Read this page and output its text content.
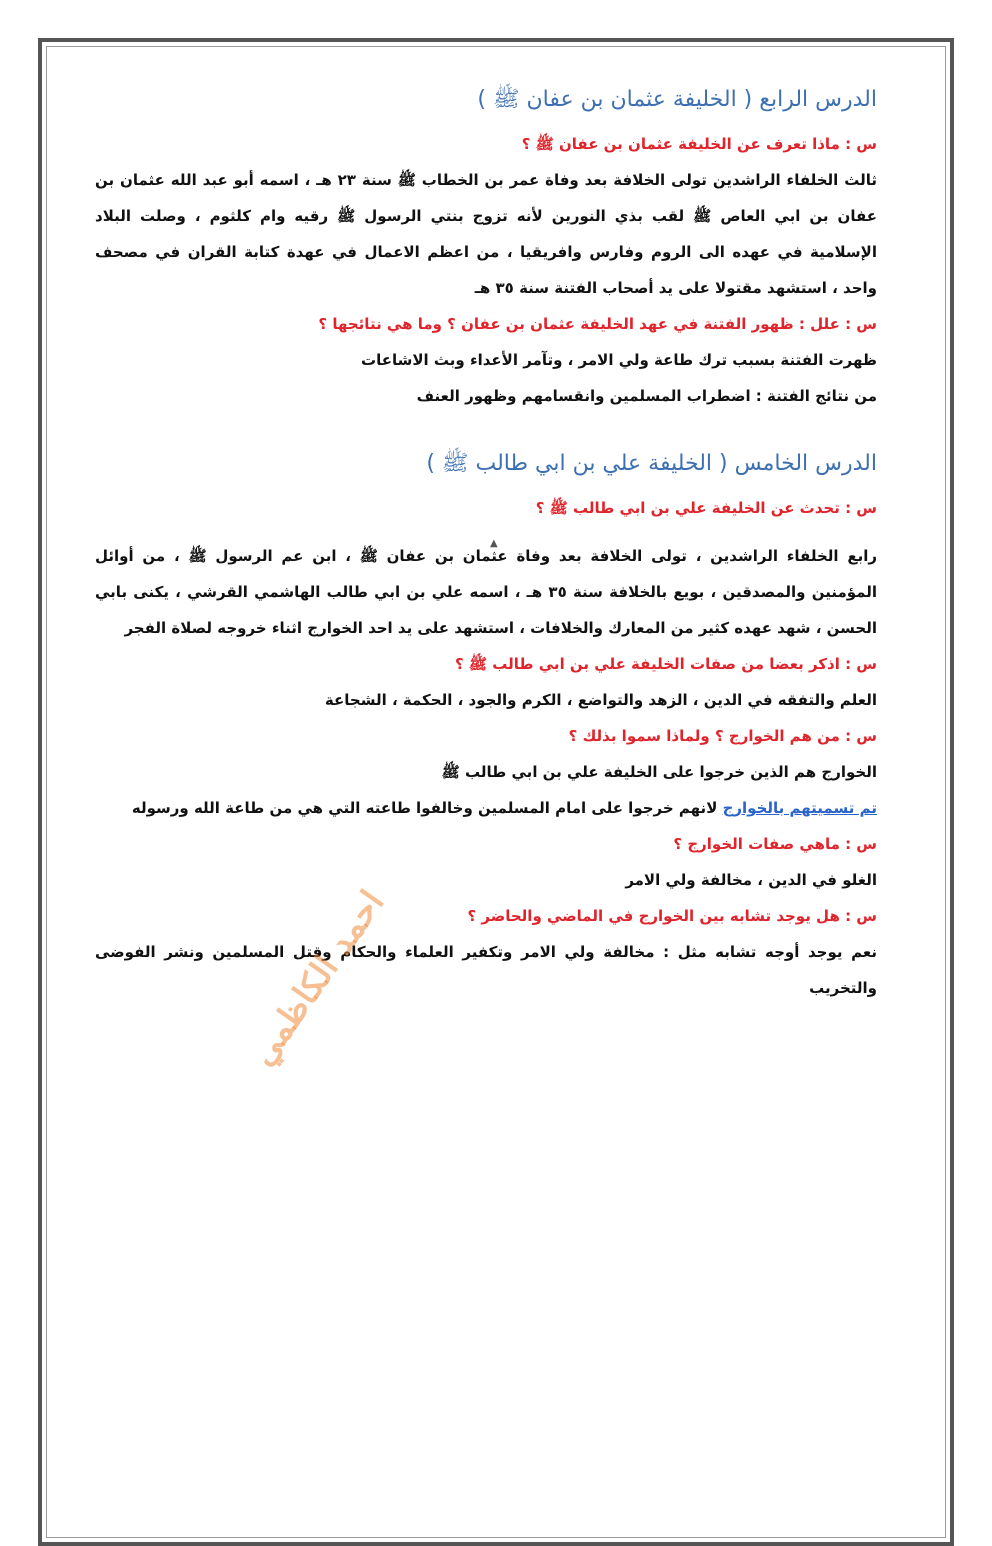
الدرس الرابع ( الخليفة عثمان بن عفان ﷺ )
س : ماذا تعرف عن الخليفة عثمان بن عفان ﷺ ؟
ثالث الخلفاء الراشدين تولى الخلافة بعد وفاة عمر بن الخطاب ﷺ سنة ٢٣ هـ ، اسمه أبو عبد الله عثمان بن عفان بن ابي العاص ﷺ لقب بذي النورين لأنه تزوج بنتي الرسول ﷺ رقيه وام كلثوم ، وصلت البلاد الإسلامية في عهده الى الروم وفارس وافريقيا ، من اعظم الاعمال في عهدة كتابة القران في مصحف واحد ، استشهد مقتولا على يد أصحاب الفتنة سنة ٣٥ هـ
س : علل : ظهور الفتنة في عهد الخليفة عثمان بن عفان ؟ وما هي نتائجها ؟
ظهرت الفتنة بسبب ترك طاعة ولي الامر ، وتآمر الأعداء وبث الاشاعات
من نتائج الفتنة : اضطراب المسلمين وانقسامهم وظهور العنف
الدرس الخامس ( الخليفة علي بن ابي طالب ﷺ )
س : تحدث عن الخليفة علي بن ابي طالب ﷺ ؟
رابع الخلفاء الراشدين ، تولى الخلافة بعد وفاة عثمان بن عفان ﷺ ، ابن عم الرسول ﷺ ، من أوائل المؤمنين والمصدقين ، بويع بالخلافة سنة ٣٥ هـ ، اسمه علي بن ابي طالب الهاشمي القرشي ، يكنى بابي الحسن ، شهد عهده كثير من المعارك والخلافات ، استشهد على يد احد الخوارج اثناء خروجه لصلاة الفجر
س : اذكر بعضا من صفات الخليفة علي بن ابي طالب ﷺ ؟
العلم والتفقه في الدين ، الزهد والتواضع ، الكرم والجود ، الحكمة ، الشجاعة
س : من هم الخوارج ؟ ولماذا سموا بذلك ؟
الخوارج هم الذين خرجوا على الخليفة علي بن ابي طالب ﷺ
تم تسميتهم بالخوارج لانهم خرجوا على امام المسلمين وخالفوا طاعته التي هي من طاعة الله ورسوله
س : ماهي صفات الخوارج ؟
الغلو في الدين ، مخالفة ولي الامر
س : هل يوجد تشابه بين الخوارج في الماضي والحاضر ؟
نعم يوجد أوجه تشابه مثل : مخالفة ولي الامر وتكفير العلماء والحكام وقتل المسلمين ونشر الفوضى والتخريب
▲
احمد الكاظمي
